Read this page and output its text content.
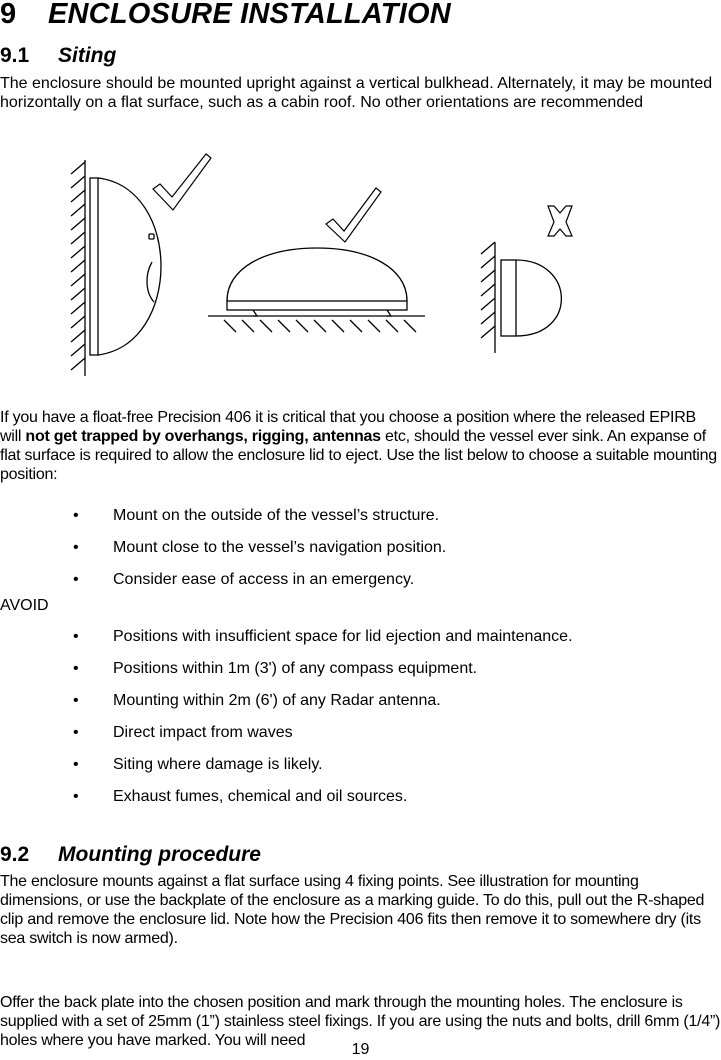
9 ENCLOSURE INSTALLATION
9.1 Siting

The enclosure should be mounted upright against a vertical bulkhead. Alternately, it may be mounted horizontally on a flat surface, such as a cabin roof. No other orientations are recommended

If you have a float-free Precision 406 it is critical that you choose a position where the released EPIRB will not get trapped by overhangs, rigging, antennas etc, should the vessel ever sink. An expanse of flat surface is required to allow the enclosure lid to eject. Use the list below to choose a suitable mounting position:

• Mount on the outside of the vessel’s structure.
• Mount close to the vessel’s navigation position.
• Consider ease of access in an emergency.

AVOID

• Positions with insufficient space for lid ejection and maintenance.
• Positions within 1m (3') of any compass equipment.
• Mounting within 2m (6') of any Radar antenna.
• Direct impact from waves
• Siting where damage is likely.
• Exhaust fumes, chemical and oil sources.
9.2 Mounting procedure

The enclosure mounts against a flat surface using 4 fixing points. See illustration for mounting dimensions, or use the backplate of the enclosure as a marking guide. To do this, pull out the R-shaped clip and remove the enclosure lid. Note how the Precision 406 fits then remove it to somewhere dry (its sea switch is now armed).

Offer the back plate into the chosen position and mark through the mounting holes. The enclosure is supplied with a set of 25mm (1”) stainless steel fixings. If you are using the nuts and bolts, drill 6mm (1/4”) holes where you have marked. You will need

19
